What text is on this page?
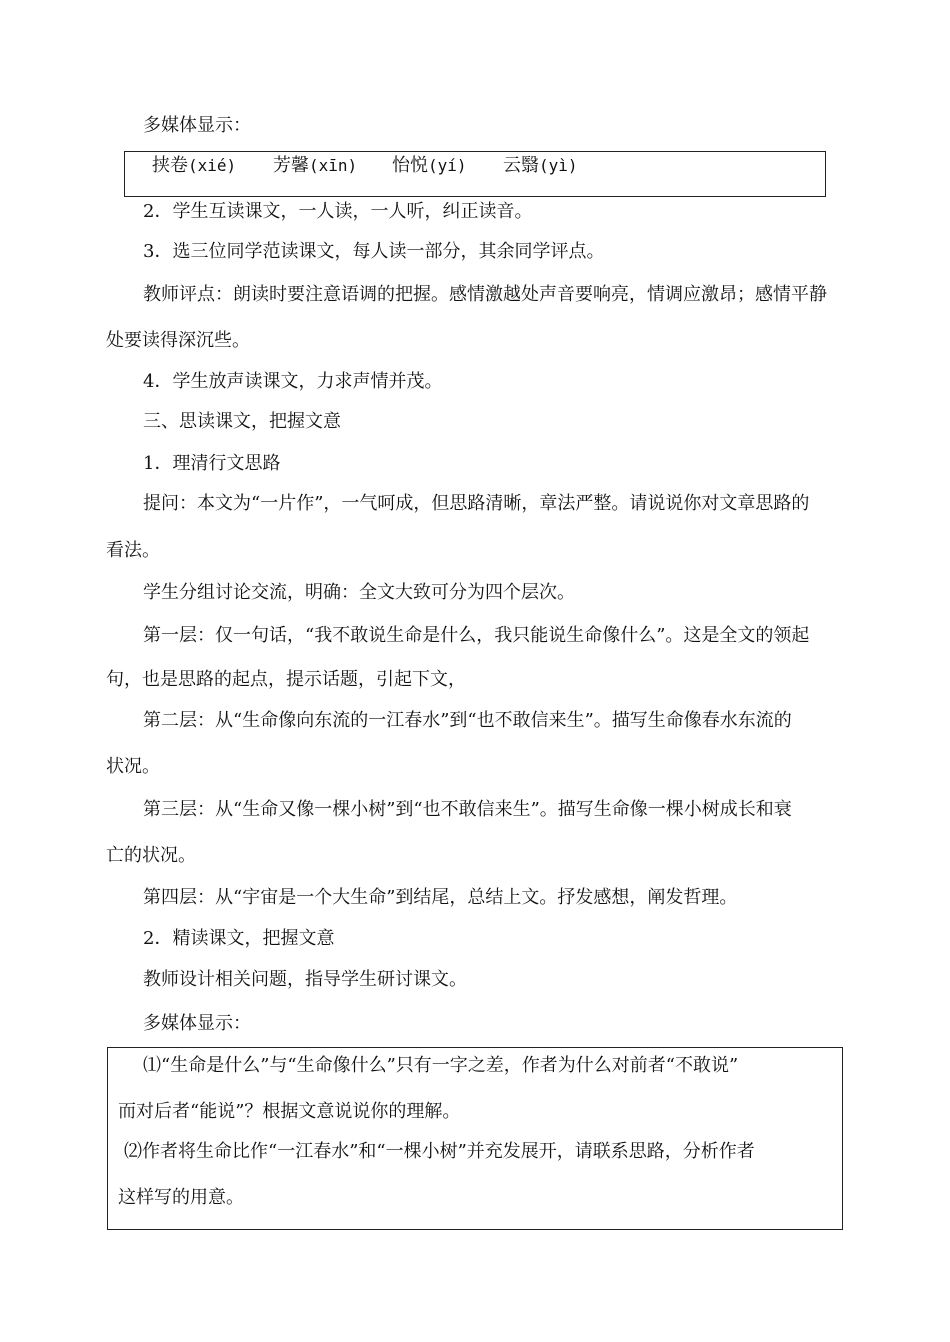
多媒体显示：
挟卷(xié) 芳馨(xīn) 怡悦(yí) 云翳(yì)
2．学生互读课文，一人读，一人听，纠正读音。
3．选三位同学范读课文，每人读一部分，其余同学评点。
教师评点：朗读时要注意语调的把握。感情激越处声音要响亮，情调应激昂；感情平静
处要读得深沉些。
4．学生放声读课文，力求声情并茂。
三、思读课文，把握文意
1．理清行文思路
提问：本文为“一片作”，一气呵成，但思路清晰，章法严整。请说说你对文章思路的
看法。
学生分组讨论交流，明确：全文大致可分为四个层次。
第一层：仅一句话，“我不敢说生命是什么，我只能说生命像什么”。这是全文的领起
句，也是思路的起点，提示话题，引起下文，
第二层：从“生命像向东流的一江春水”到“也不敢信来生”。描写生命像春水东流的
状况。
第三层：从“生命又像一棵小树”到“也不敢信来生”。描写生命像一棵小树成长和衰
亡的状况。
第四层：从“宇宙是一个大生命”到结尾，总结上文。抒发感想，阐发哲理。
2．精读课文，把握文意
教师设计相关问题，指导学生研讨课文。
多媒体显示：
⑴“生命是什么”与“生命像什么”只有一字之差，作者为什么对前者“不敢说”
而对后者“能说”？根据文意说说你的理解。
⑵作者将生命比作“一江春水”和“一棵小树”并充发展开，请联系思路，分析作者
这样写的用意。
